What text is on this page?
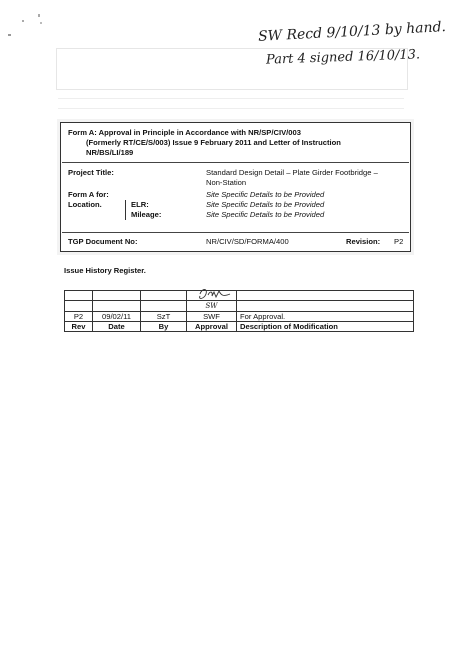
SW Recd 9/10/13 by hand.
Part 4 signed 16/10/13.
Form A: Approval in Principle in Accordance with NR/SP/CIV/003
(Formerly RT/CE/S/003) Issue 9 February 2011 and Letter of Instruction
NR/BS/LI/189
Project Title:	Standard Design Detail – Plate Girder Footbridge –
Non-Station
Form A for:	Site Specific Details to be Provided
Location.	ELR:	Site Specific Details to be Provided
Mileage:	Site Specific Details to be Provided
TGP Document No:	NR/CIV/SD/FORMA/400	Revision: P2
Issue History Register.

			SW	
P2	09/02/11	SzT	SWF	For Approval.
Rev	Date	By	Approval	Description of Modification
